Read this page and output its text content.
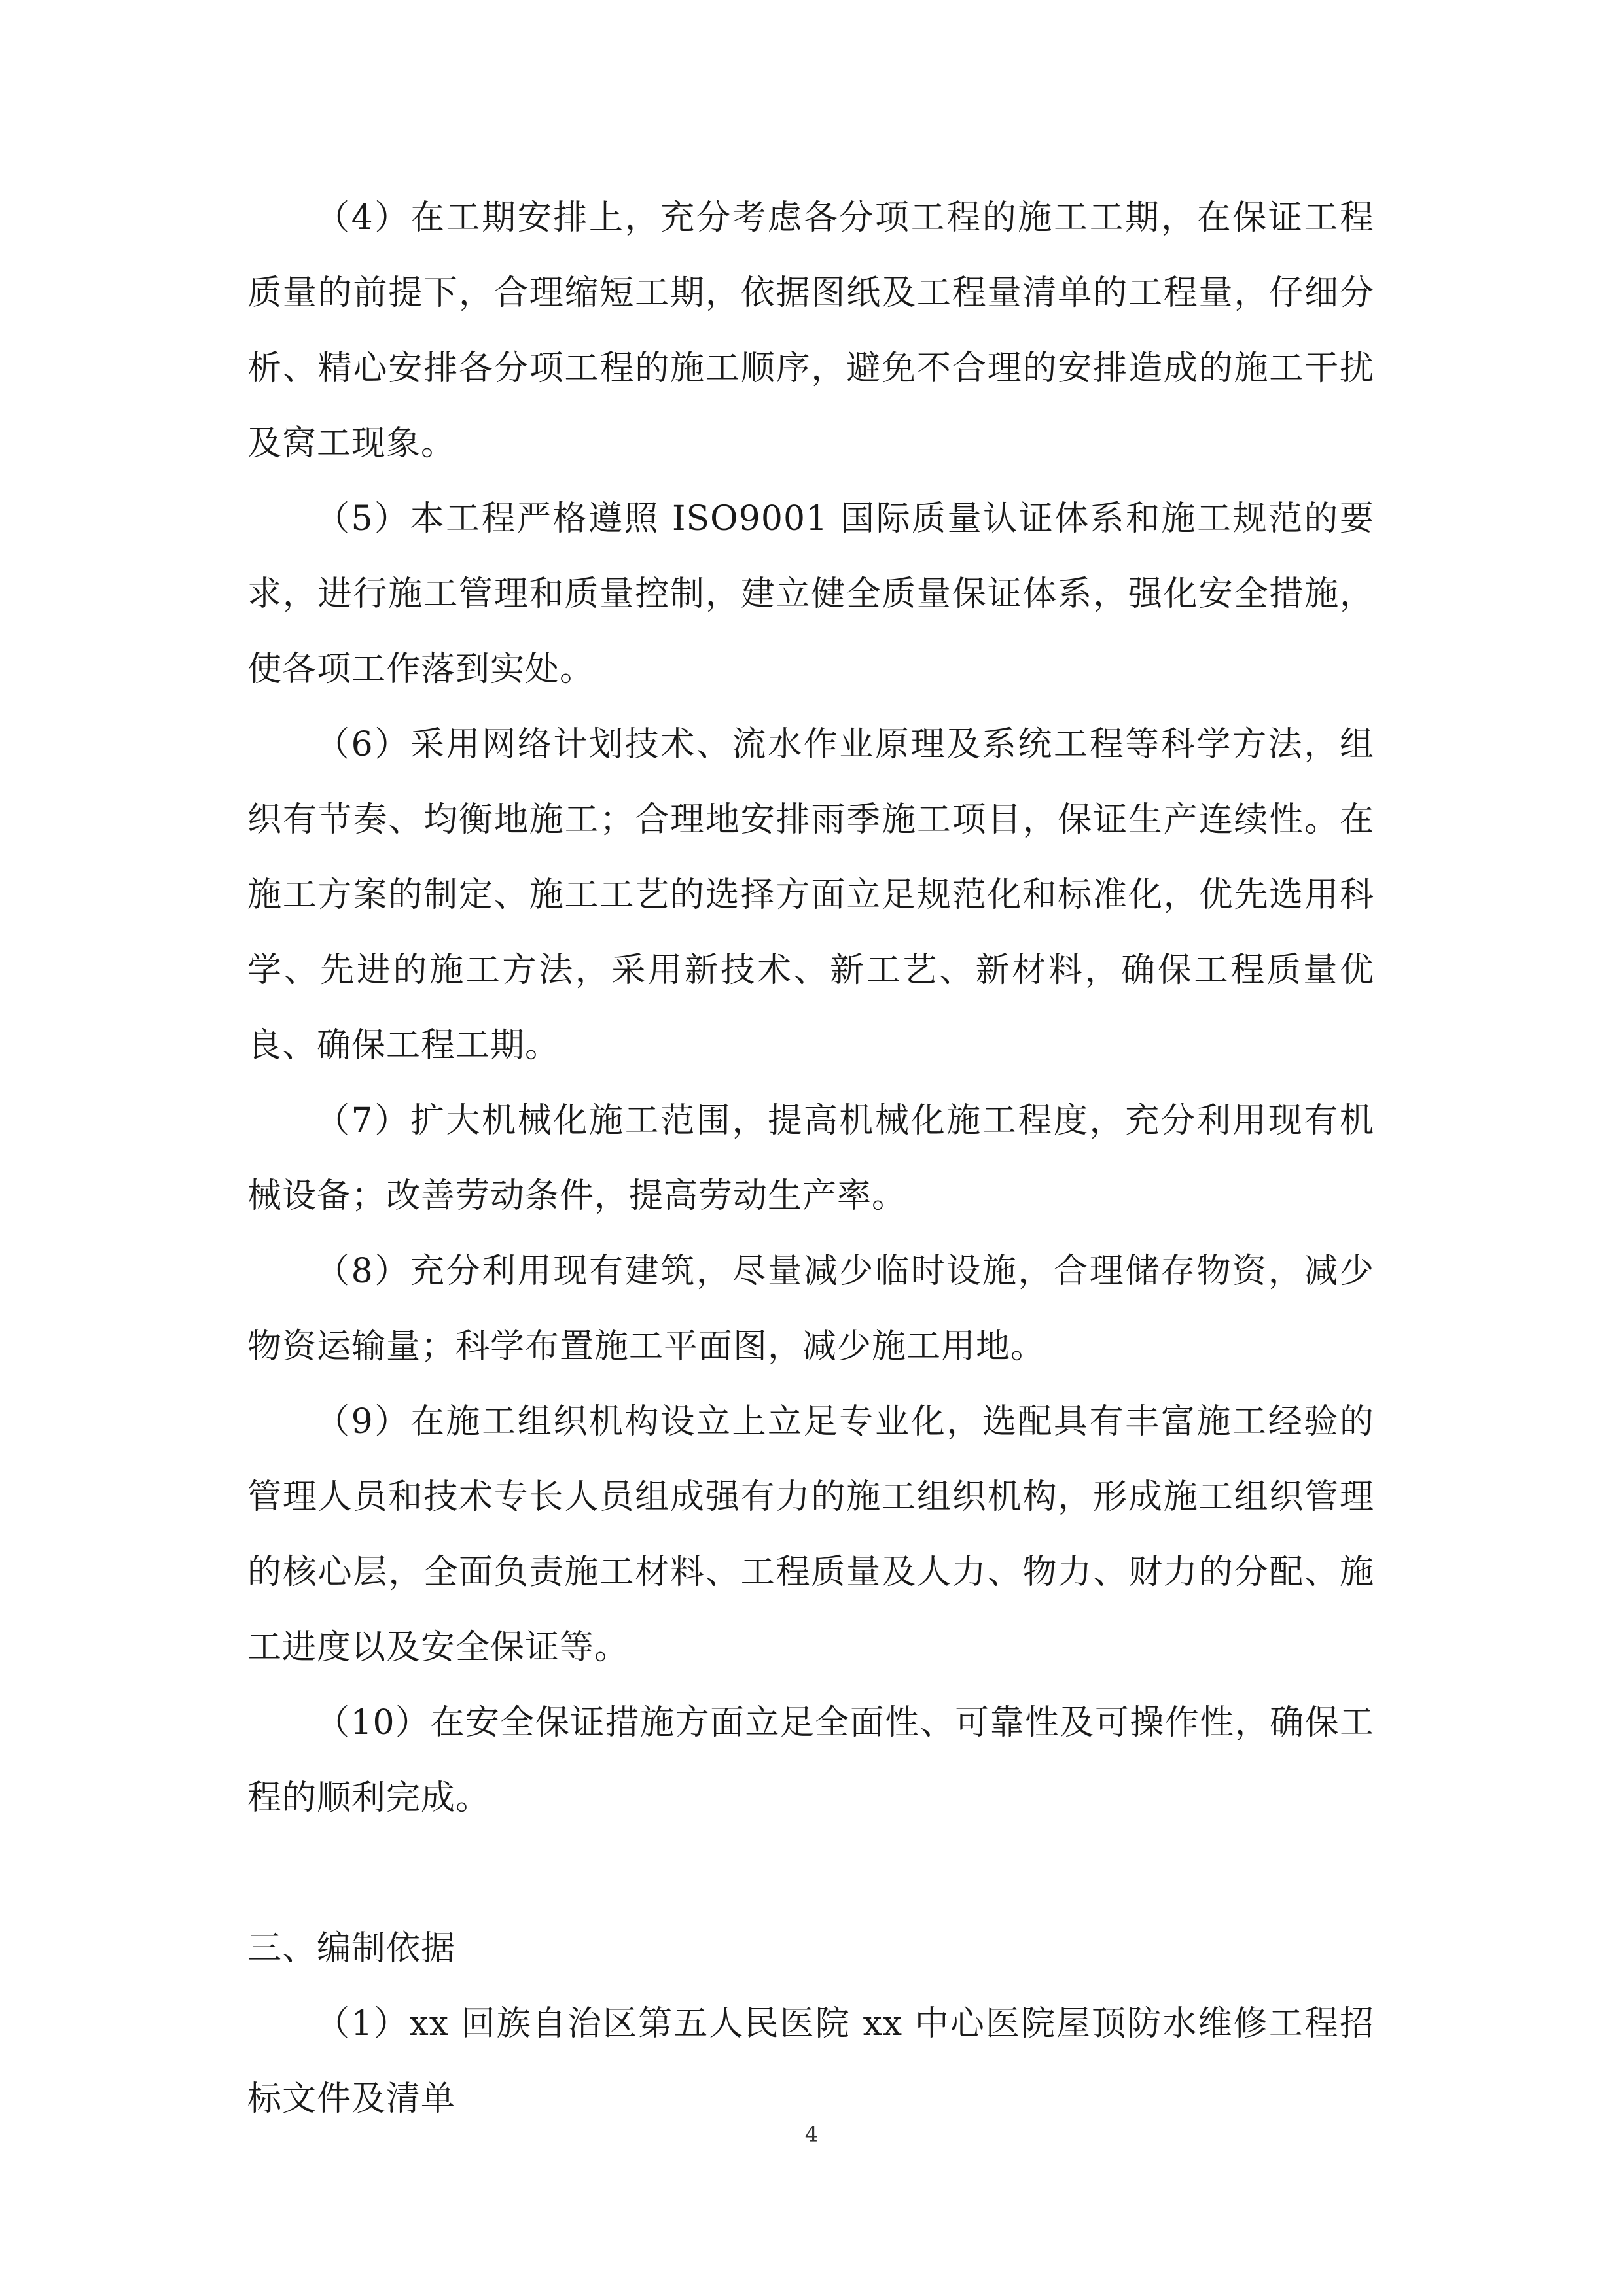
（4）在工期安排上，充分考虑各分项工程的施工工期，在保证工程质量的前提下，合理缩短工期，依据图纸及工程量清单的工程量，仔细分析、精心安排各分项工程的施工顺序，避免不合理的安排造成的施工干扰及窝工现象。

（5）本工程严格遵照 ISO9001 国际质量认证体系和施工规范的要求，进行施工管理和质量控制，建立健全质量保证体系，强化安全措施，使各项工作落到实处。

（6）采用网络计划技术、流水作业原理及系统工程等科学方法，组织有节奏、均衡地施工；合理地安排雨季施工项目，保证生产连续性。在施工方案的制定、施工工艺的选择方面立足规范化和标准化，优先选用科学、先进的施工方法，采用新技术、新工艺、新材料，确保工程质量优良、确保工程工期。

（7）扩大机械化施工范围，提高机械化施工程度，充分利用现有机械设备；改善劳动条件，提高劳动生产率。

（8）充分利用现有建筑，尽量减少临时设施，合理储存物资，减少物资运输量；科学布置施工平面图，减少施工用地。

（9）在施工组织机构设立上立足专业化，选配具有丰富施工经验的管理人员和技术专长人员组成强有力的施工组织机构，形成施工组织管理的核心层，全面负责施工材料、工程质量及人力、物力、财力的分配、施工进度以及安全保证等。

（10）在安全保证措施方面立足全面性、可靠性及可操作性，确保工程的顺利完成。

三、编制依据

（1）xx 回族自治区第五人民医院 xx 中心医院屋顶防水维修工程招标文件及清单

4
